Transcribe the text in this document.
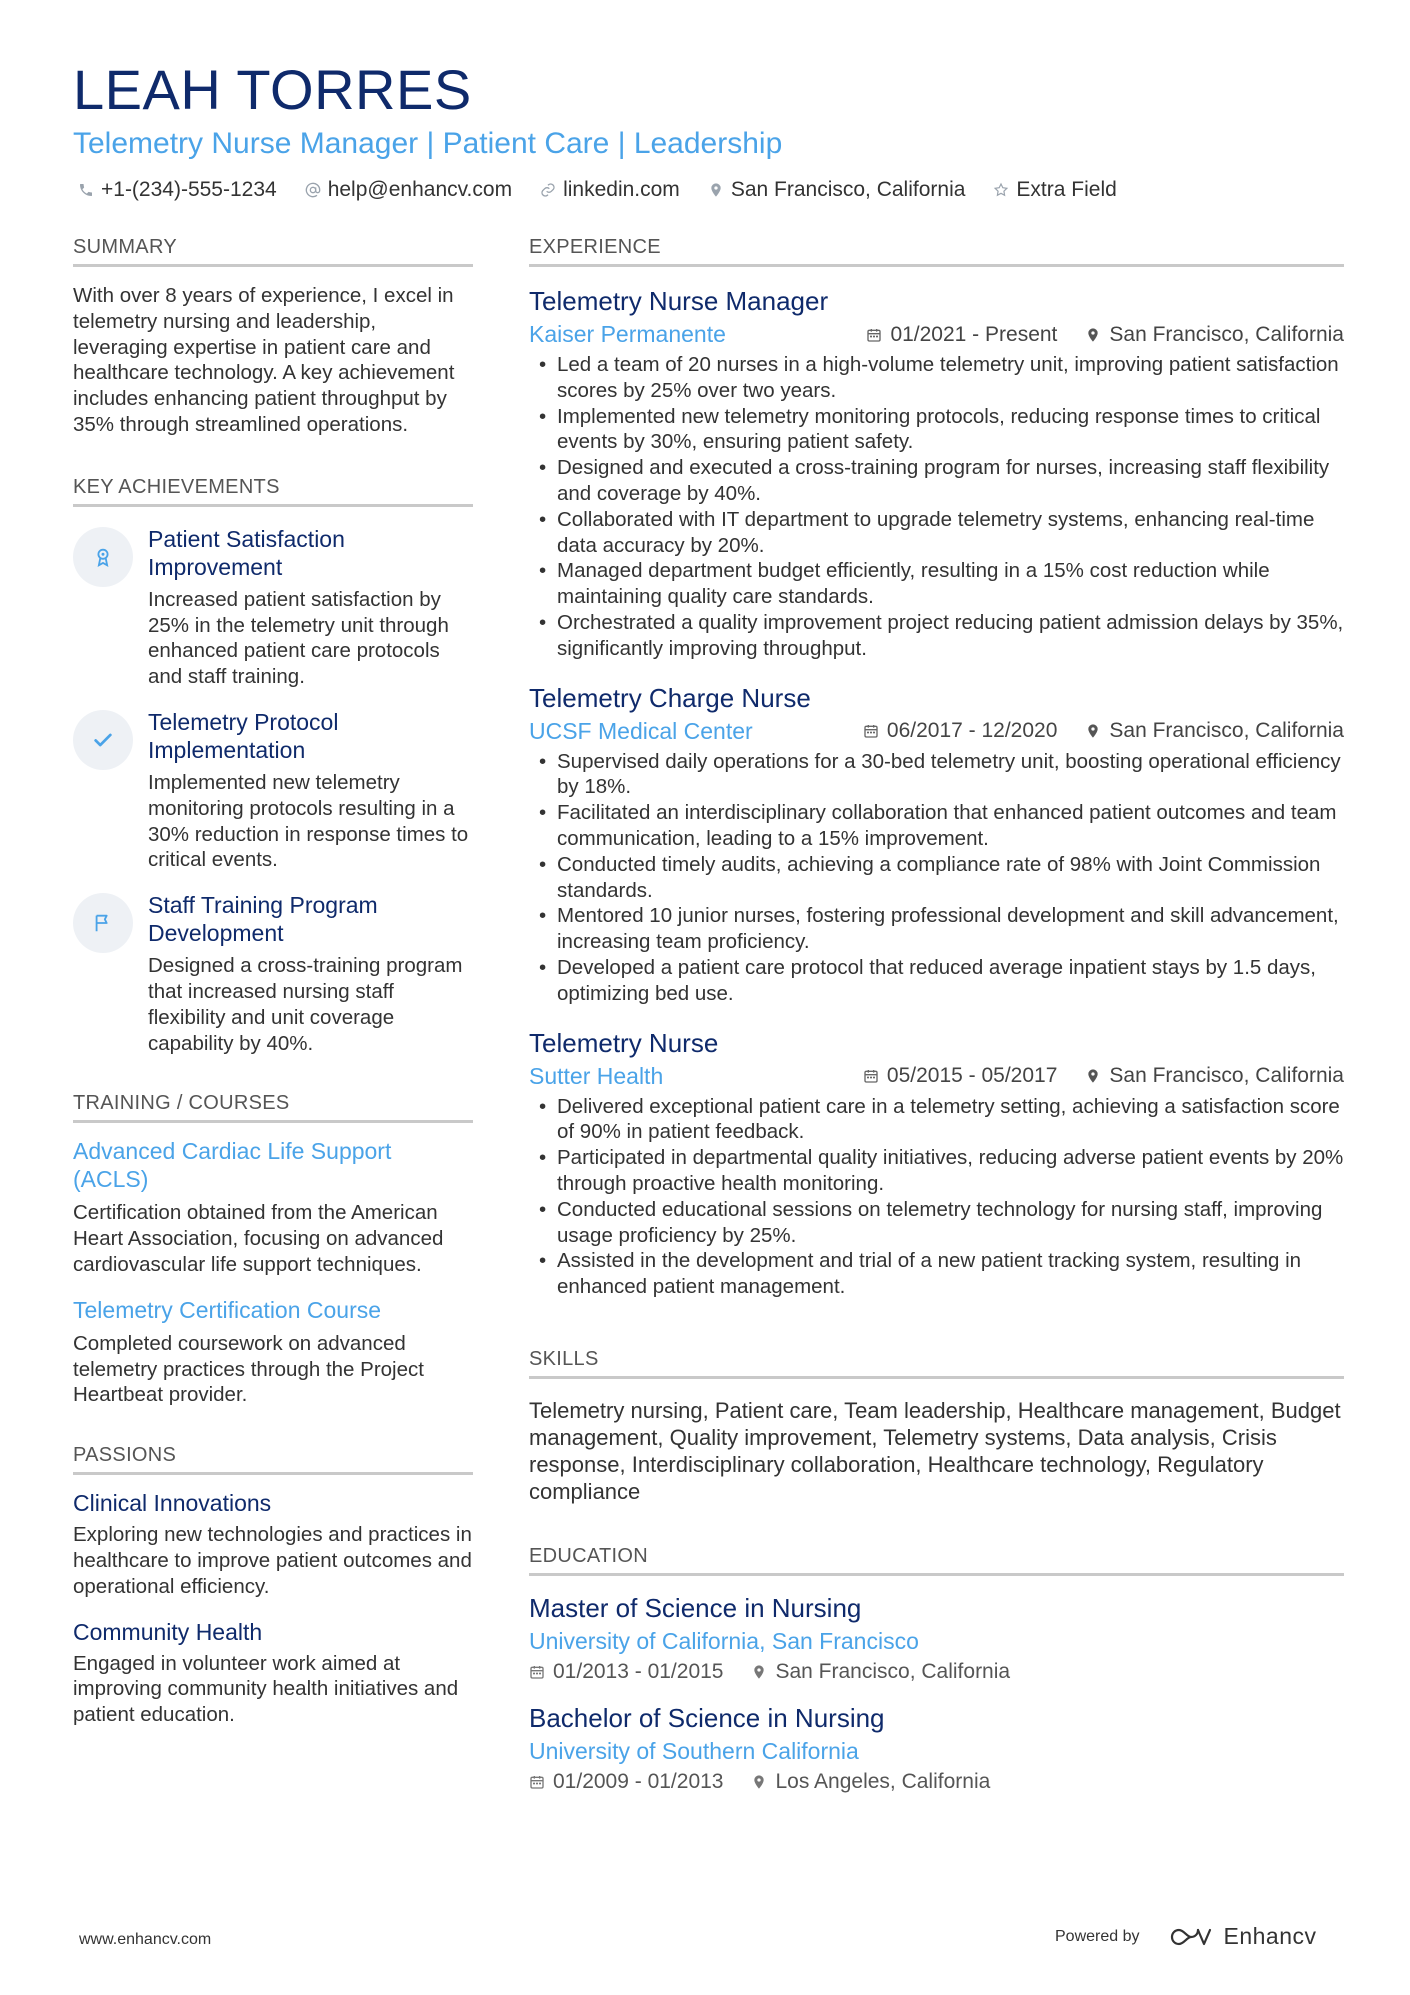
LEAH TORRES
Telemetry Nurse Manager | Patient Care | Leadership
+1-(234)-555-1234 help@enhancv.com linkedin.com San Francisco, California Extra Field
SUMMARY
With over 8 years of experience, I excel in telemetry nursing and leadership, leveraging expertise in patient care and healthcare technology. A key achievement includes enhancing patient throughput by 35% through streamlined operations.
KEY ACHIEVEMENTS
Patient Satisfaction Improvement
Increased patient satisfaction by 25% in the telemetry unit through enhanced patient care protocols and staff training.
Telemetry Protocol Implementation
Implemented new telemetry monitoring protocols resulting in a 30% reduction in response times to critical events.
Staff Training Program Development
Designed a cross-training program that increased nursing staff flexibility and unit coverage capability by 40%.
TRAINING / COURSES
Advanced Cardiac Life Support (ACLS)
Certification obtained from the American Heart Association, focusing on advanced cardiovascular life support techniques.
Telemetry Certification Course
Completed coursework on advanced telemetry practices through the Project Heartbeat provider.
PASSIONS
Clinical Innovations
Exploring new technologies and practices in healthcare to improve patient outcomes and operational efficiency.
Community Health
Engaged in volunteer work aimed at improving community health initiatives and patient education.
EXPERIENCE
Telemetry Nurse Manager
Kaiser Permanente	01/2021 - Present San Francisco, California
• Led a team of 20 nurses in a high-volume telemetry unit, improving patient satisfaction scores by 25% over two years.
• Implemented new telemetry monitoring protocols, reducing response times to critical events by 30%, ensuring patient safety.
• Designed and executed a cross-training program for nurses, increasing staff flexibility and coverage by 40%.
• Collaborated with IT department to upgrade telemetry systems, enhancing real-time data accuracy by 20%.
• Managed department budget efficiently, resulting in a 15% cost reduction while maintaining quality care standards.
• Orchestrated a quality improvement project reducing patient admission delays by 35%, significantly improving throughput.
Telemetry Charge Nurse
UCSF Medical Center	06/2017 - 12/2020 San Francisco, California
• Supervised daily operations for a 30-bed telemetry unit, boosting operational efficiency by 18%.
• Facilitated an interdisciplinary collaboration that enhanced patient outcomes and team communication, leading to a 15% improvement.
• Conducted timely audits, achieving a compliance rate of 98% with Joint Commission standards.
• Mentored 10 junior nurses, fostering professional development and skill advancement, increasing team proficiency.
• Developed a patient care protocol that reduced average inpatient stays by 1.5 days, optimizing bed use.
Telemetry Nurse
Sutter Health	05/2015 - 05/2017 San Francisco, California
• Delivered exceptional patient care in a telemetry setting, achieving a satisfaction score of 90% in patient feedback.
• Participated in departmental quality initiatives, reducing adverse patient events by 20% through proactive health monitoring.
• Conducted educational sessions on telemetry technology for nursing staff, improving usage proficiency by 25%.
• Assisted in the development and trial of a new patient tracking system, resulting in enhanced patient management.
SKILLS
Telemetry nursing, Patient care, Team leadership, Healthcare management, Budget management, Quality improvement, Telemetry systems, Data analysis, Crisis response, Interdisciplinary collaboration, Healthcare technology, Regulatory compliance
EDUCATION
Master of Science in Nursing
University of California, San Francisco
01/2013 - 01/2015 San Francisco, California
Bachelor of Science in Nursing
University of Southern California
01/2009 - 01/2013 Los Angeles, California
www.enhancv.com	Powered by	Enhancv
